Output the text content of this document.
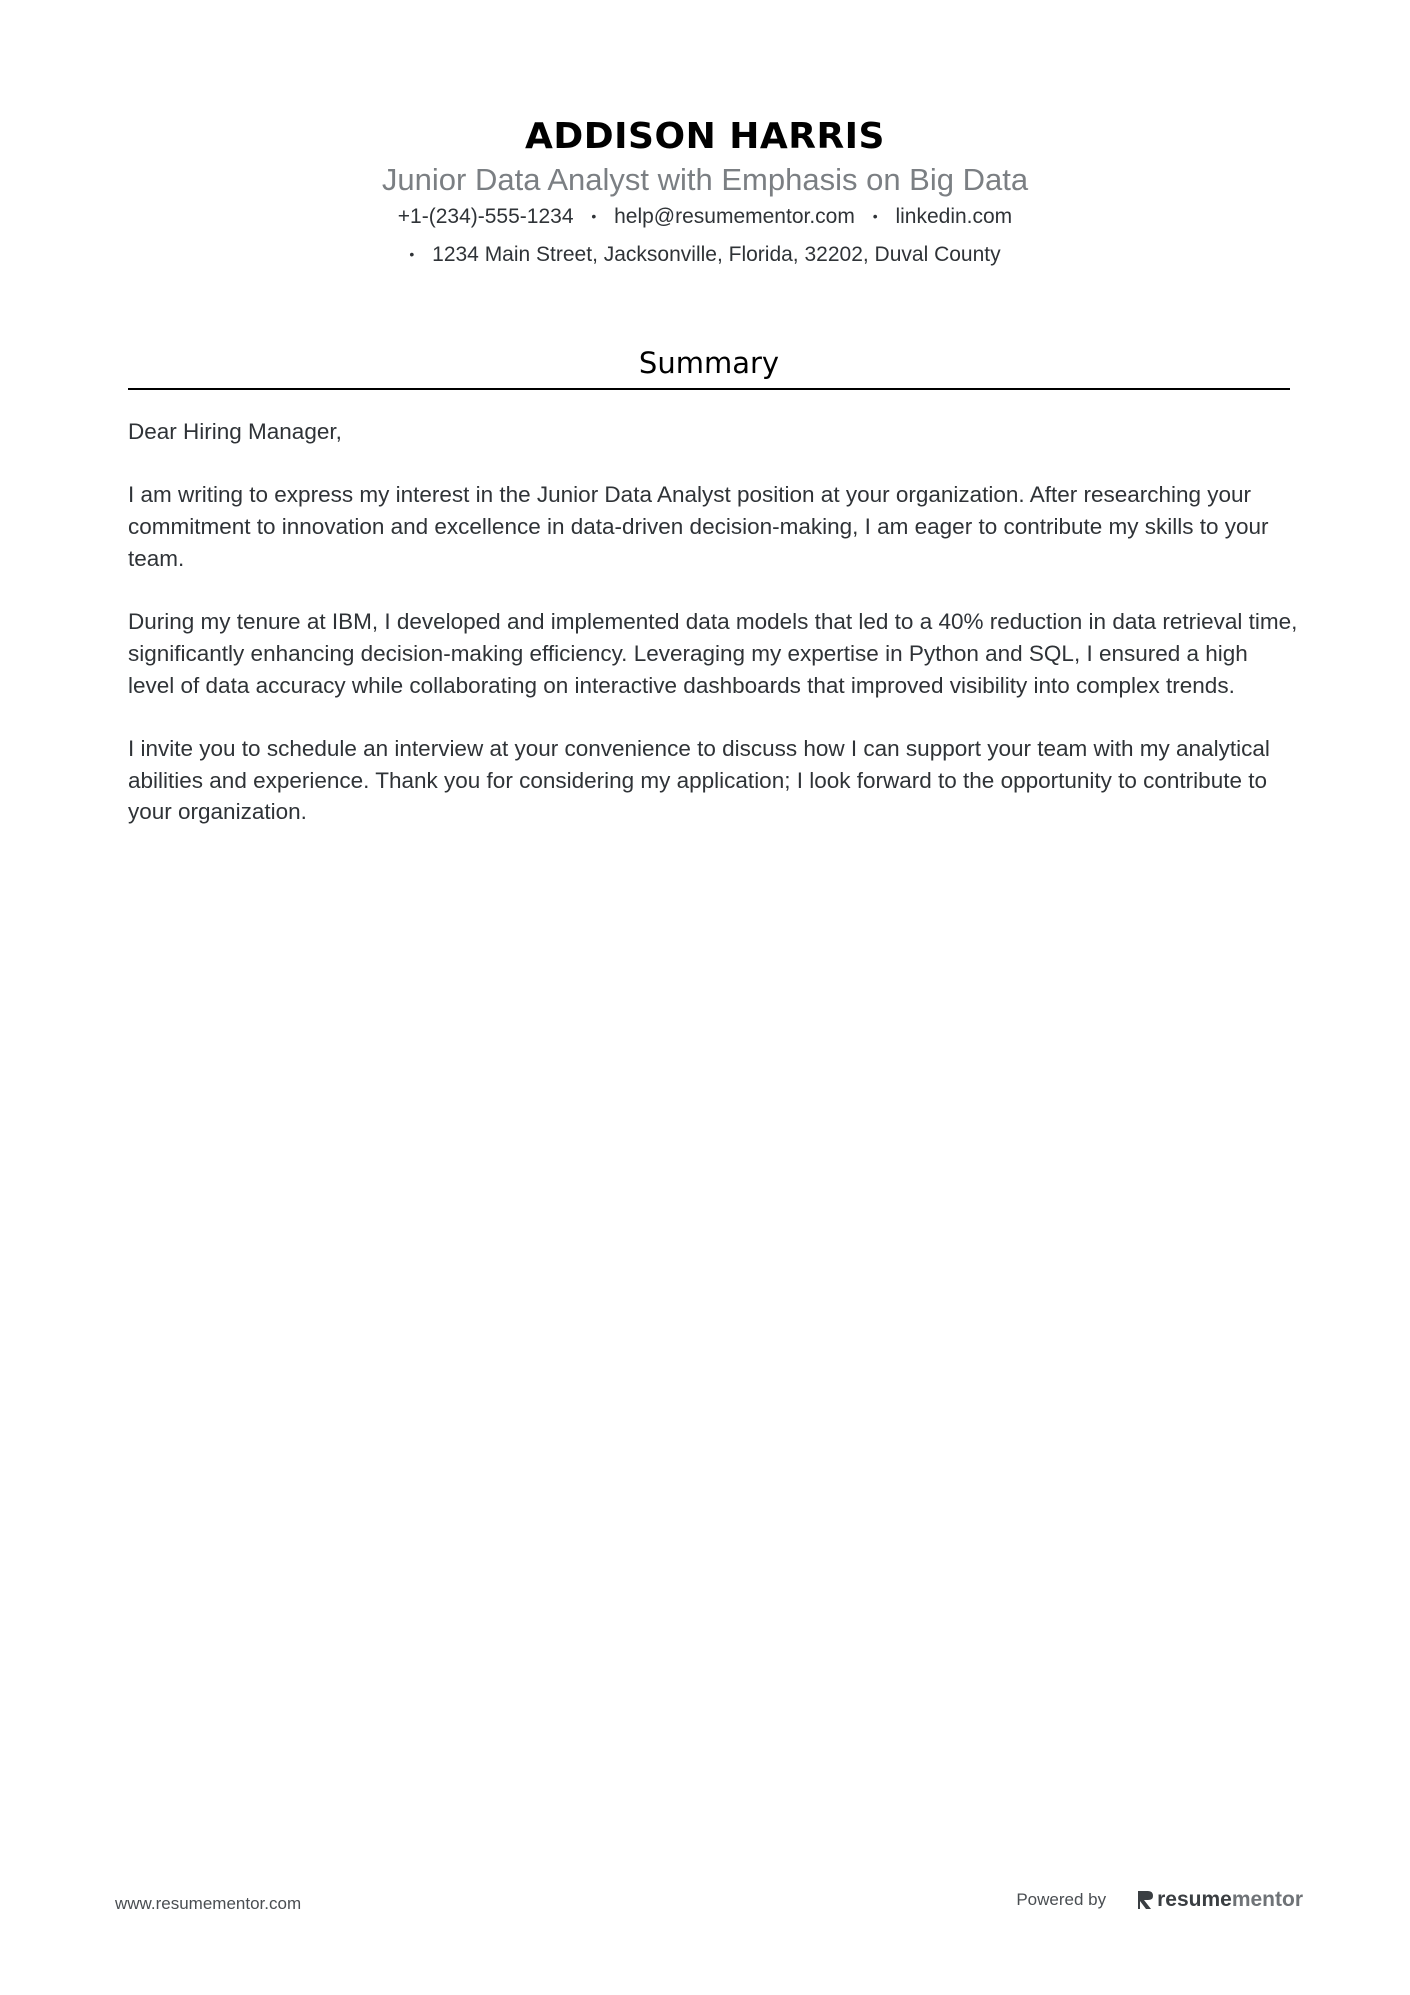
ADDISON HARRIS
Junior Data Analyst with Emphasis on Big Data
+1-(234)-555-1234 • help@resumementor.com • linkedin.com
• 1234 Main Street, Jacksonville, Florida, 32202, Duval County
Summary

Dear Hiring Manager,

I am writing to express my interest in the Junior Data Analyst position at your organization. After researching your commitment to innovation and excellence in data-driven decision-making, I am eager to contribute my skills to your team.

During my tenure at IBM, I developed and implemented data models that led to a 40% reduction in data retrieval time, significantly enhancing decision-making efficiency. Leveraging my expertise in Python and SQL, I ensured a high level of data accuracy while collaborating on interactive dashboards that improved visibility into complex trends.

I invite you to schedule an interview at your convenience to discuss how I can support your team with my analytical abilities and experience. Thank you for considering my application; I look forward to the opportunity to contribute to your organization.

www.resumementor.com	Powered by resume mentor
